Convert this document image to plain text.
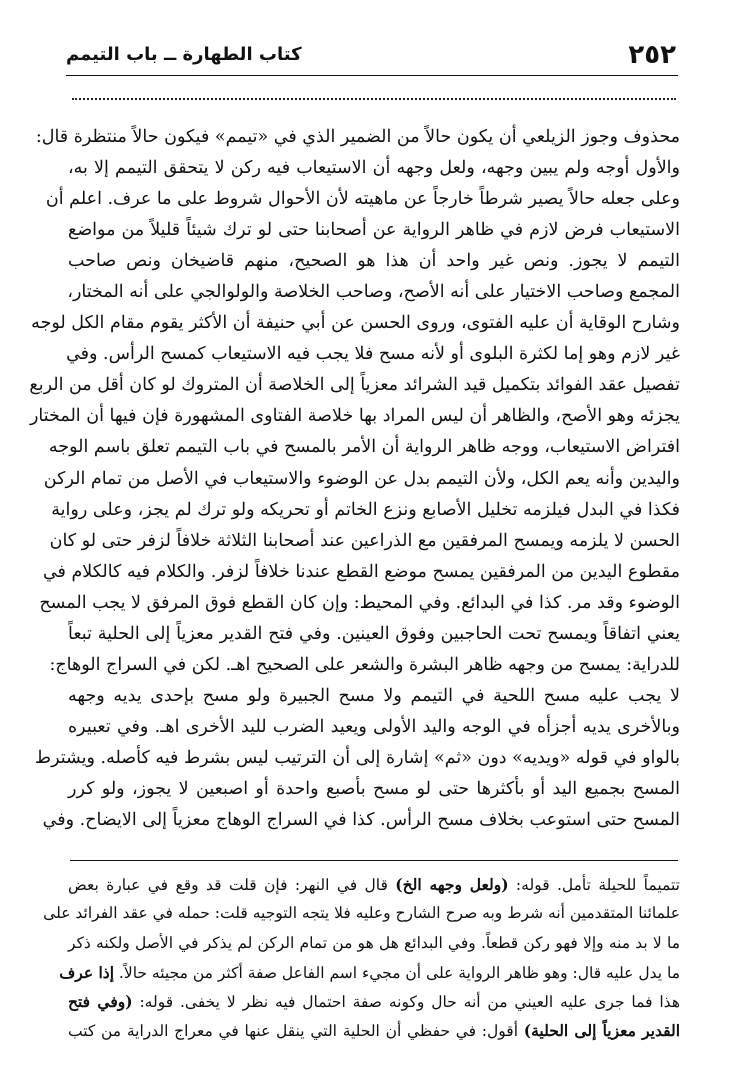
٢٥٢
كتاب الطهارة ــ باب التيمم
محذوف وجوز الزيلعي أن يكون حالاً من الضمير الذي في «تيمم» فيكون حالاً منتظرة قال:
والأول أوجه ولم يبين وجهه، ولعل وجهه أن الاستيعاب فيه ركن لا يتحقق التيمم إلا به،
وعلى جعله حالاً يصير شرطاً خارجاً عن ماهيته لأن الأحوال شروط على ما عرف. اعلم أن
الاستيعاب فرض لازم في ظاهر الرواية عن أصحابنا حتى لو ترك شيئاً قليلاً من مواضع
التيمم لا يجوز. ونص غير واحد أن هذا هو الصحيح، منهم قاضيخان ونص صاحب
المجمع وصاحب الاختيار على أنه الأصح، وصاحب الخلاصة والولوالجي على أنه المختار،
وشارح الوقاية أن عليه الفتوى، وروى الحسن عن أبي حنيفة أن الأكثر يقوم مقام الكل لوجه
غير لازم وهو إما لكثرة البلوى أو لأنه مسح فلا يجب فيه الاستيعاب كمسح الرأس. وفي
تفصيل عقد الفوائد بتكميل قيد الشرائد معزياً إلى الخلاصة أن المتروك لو كان أقل من الربع
يجزئه وهو الأصح، والظاهر أن ليس المراد بها خلاصة الفتاوى المشهورة فإن فيها أن المختار
افتراض الاستيعاب، ووجه ظاهر الرواية أن الأمر بالمسح في باب التيمم تعلق باسم الوجه
واليدين وأنه يعم الكل، ولأن التيمم بدل عن الوضوء والاستيعاب في الأصل من تمام الركن
فكذا في البدل فيلزمه تخليل الأصابع ونزع الخاتم أو تحريكه ولو ترك لم يجز، وعلى رواية
الحسن لا يلزمه ويمسح المرفقين مع الذراعين عند أصحابنا الثلاثة خلافاً لزفر حتى لو كان
مقطوع اليدين من المرفقين يمسح موضع القطع عندنا خلافاً لزفر. والكلام فيه كالكلام في
الوضوء وقد مر. كذا في البدائع. وفي المحيط: وإن كان القطع فوق المرفق لا يجب المسح
يعني اتفاقاً ويمسح تحت الحاجبين وفوق العينين. وفي فتح القدير معزياً إلى الحلية تبعاً
للدراية: يمسح من وجهه ظاهر البشرة والشعر على الصحيح اهـ. لكن في السراج الوهاج:
لا يجب عليه مسح اللحية في التيمم ولا مسح الجبيرة ولو مسح بإحدى يديه وجهه
وبالأخرى يديه أجزأه في الوجه واليد الأولى ويعيد الضرب لليد الأخرى اهـ. وفي تعبيره
بالواو في قوله «ويديه» دون «ثم» إشارة إلى أن الترتيب ليس بشرط فيه كأصله. ويشترط
المسح بجميع اليد أو بأكثرها حتى لو مسح بأصبع واحدة أو اصبعين لا يجوز، ولو كرر
المسح حتى استوعب بخلاف مسح الرأس. كذا في السراج الوهاج معزياً إلى الايضاح. وفي
تتميماً للحيلة تأمل. قوله: (ولعل وجهه الخ) قال في النهر: فإن قلت قد وقع في عبارة بعض
علمائنا المتقدمين أنه شرط وبه صرح الشارح وعليه فلا يتجه التوجيه قلت: حمله في عقد الفرائد على
ما لا بد منه وإلا فهو ركن قطعاً. وفي البدائع هل هو من تمام الركن لم يذكر في الأصل ولكنه ذكر
ما يدل عليه قال: وهو ظاهر الرواية على أن مجيء اسم الفاعل صفة أكثر من مجيئه حالاً. إذا عرف
هذا فما جرى عليه العيني من أنه حال وكونه صفة احتمال فيه نظر لا يخفى. قوله: (وفي فتح
القدير معزياً إلى الحلية) أقول: في حفظي أن الحلية التي ينقل عنها في معراج الدراية من كتب
